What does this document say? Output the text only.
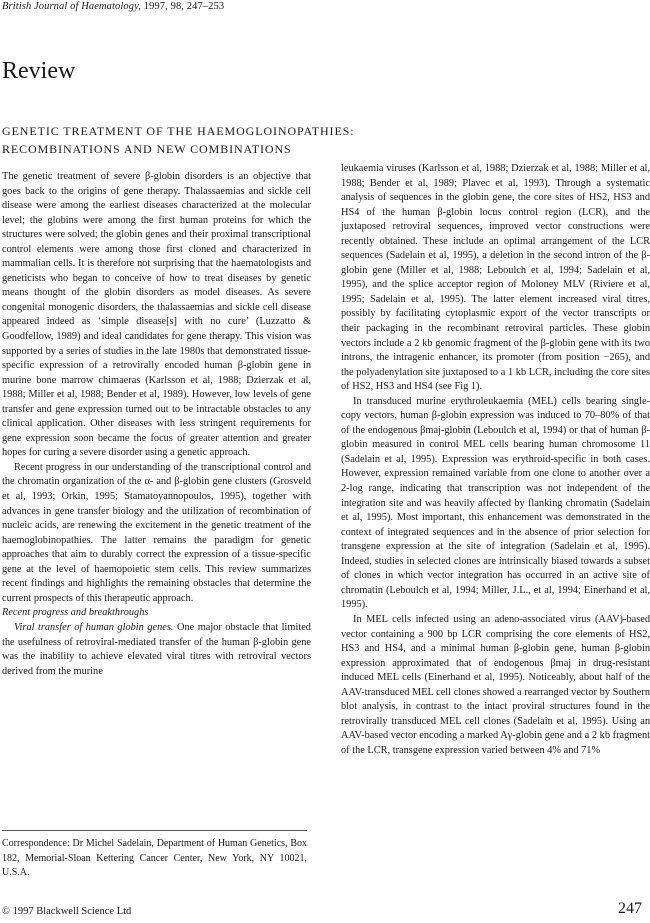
British Journal of Haematology, 1997, 98, 247–253
Review
GENETIC TREATMENT OF THE HAEMOGLOINOPATHIES:
RECOMBINATIONS AND NEW COMBINATIONS

The genetic treatment of severe β-globin disorders is an objective that goes back to the origins of gene therapy. Thalassaemias and sickle cell disease were among the earliest diseases characterized at the molecular level; the globins were among the first human proteins for which the structures were solved; the globin genes and their proximal transcriptional control elements were among those first cloned and characterized in mammalian cells. It is therefore not surprising that the haematologists and geneticists who began to conceive of how to treat diseases by genetic means thought of the globin disorders as model diseases. As severe congenital monogenic disorders, the thalassaemias and sickle cell disease appeared indeed as ‘simple disease[s] with no cure’ (Luzzatto & Goodfellow, 1989) and ideal candidates for gene therapy. This vision was supported by a series of studies in the late 1980s that demonstrated tissue-specific expression of a retrovirally encoded human β-globin gene in murine bone marrow chimaeras (Karlsson et al, 1988; Dzierzak et al, 1988; Miller et al, 1988; Bender et al, 1989). However, low levels of gene transfer and gene expression turned out to be intractable obstacles to any clinical application. Other diseases with less stringent requirements for gene expression soon became the focus of greater attention and greater hopes for curing a severe disorder using a genetic approach.

Recent progress in our understanding of the transcriptional control and the chromatin organization of the α- and β-globin gene clusters (Grosveld et al, 1993; Orkin, 1995; Stamatoyannopoulos, 1995), together with advances in gene transfer biology and the utilization of recombination of nucleic acids, are renewing the excitement in the genetic treatment of the haemoglobinopathies. The latter remains the paradigm for genetic approaches that aim to durably correct the expression of a tissue-specific gene at the level of haemopoietic stem cells. This review summarizes recent findings and highlights the remaining obstacles that determine the current prospects of this therapeutic approach.

Recent progress and breakthroughs

Viral transfer of human globin genes. One major obstacle that limited the usefulness of retroviral-mediated transfer of the human β-globin gene was the inability to achieve elevated viral titres with retroviral vectors derived from the murine

leukaemia viruses (Karlsson et al, 1988; Dzierzak et al, 1988; Miller et al, 1988; Bender et al, 1989; Plavec et al, 1993). Through a systematic analysis of sequences in the globin gene, the core sites of HS2, HS3 and HS4 of the human β-globin locus control region (LCR), and the juxtaposed retroviral sequences, improved vector constructions were recently obtained. These include an optimal arrangement of the LCR sequences (Sadelain et al, 1995), a deletion in the second intron of the β-globin gene (Miller et al, 1988; Leboulch et al, 1994; Sadelain et al, 1995), and the splice acceptor region of Moloney MLV (Riviere et al, 1995; Sadelain et al, 1995). The latter element increased viral titres, possibly by facilitating cytoplasmic export of the vector transcripts or their packaging in the recombinant retroviral particles. These globin vectors include a 2 kb genomic fragment of the β-globin gene with its two introns, the intragenic enhancer, its promoter (from position −265), and the polyadenylation site juxtaposed to a 1 kb LCR, including the core sites of HS2, HS3 and HS4 (see Fig 1).

In transduced murine erythroleukaemia (MEL) cells bearing single-copy vectors, human β-globin expression was induced to 70–80% of that of the endogenous βmaj-globin (Leboulch et al, 1994) or that of human β-globin measured in control MEL cells bearing human chromosome 11 (Sadelain et al, 1995). Expression was erythroid-specific in both cases. However, expression remained variable from one clone to another over a 2-log range, indicating that transcription was not independent of the integration site and was heavily affected by flanking chromatin (Sadelain et al, 1995). Most important, this enhancement was demonstrated in the context of integrated sequences and in the absence of prior selection for transgene expression at the site of integration (Sadelain et al, 1995). Indeed, studies in selected clones are intrinsically biased towards a subset of clones in which vector integration has occurred in an active site of chromatin (Leboulch et al, 1994; Miller, J.L., et al, 1994; Einerhand et al, 1995).

In MEL cells infected using an adeno-associated virus (AAV)-based vector containing a 900 bp LCR comprising the core elements of HS2, HS3 and HS4, and a minimal human β-globin gene, human β-globin expression approximated that of endogenous βmaj in drug-resistant induced MEL cells (Einerhand et al, 1995). Noticeably, about half of the AAV-transduced MEL cell clones showed a rearranged vector by Southern blot analysis, in contrast to the intact proviral structures found in the retrovirally transduced MEL cell clones (Sadelain et al, 1995). Using an AAV-based vector encoding a marked Aγ-globin gene and a 2 kb fragment of the LCR, transgene expression varied between 4% and 71%

Correspondence: Dr Michel Sadelain, Department of Human Genetics, Box 182, Memorial-Sloan Kettering Cancer Center, New York, NY 10021, U.S.A.
© 1997 Blackwell Science Ltd	247
